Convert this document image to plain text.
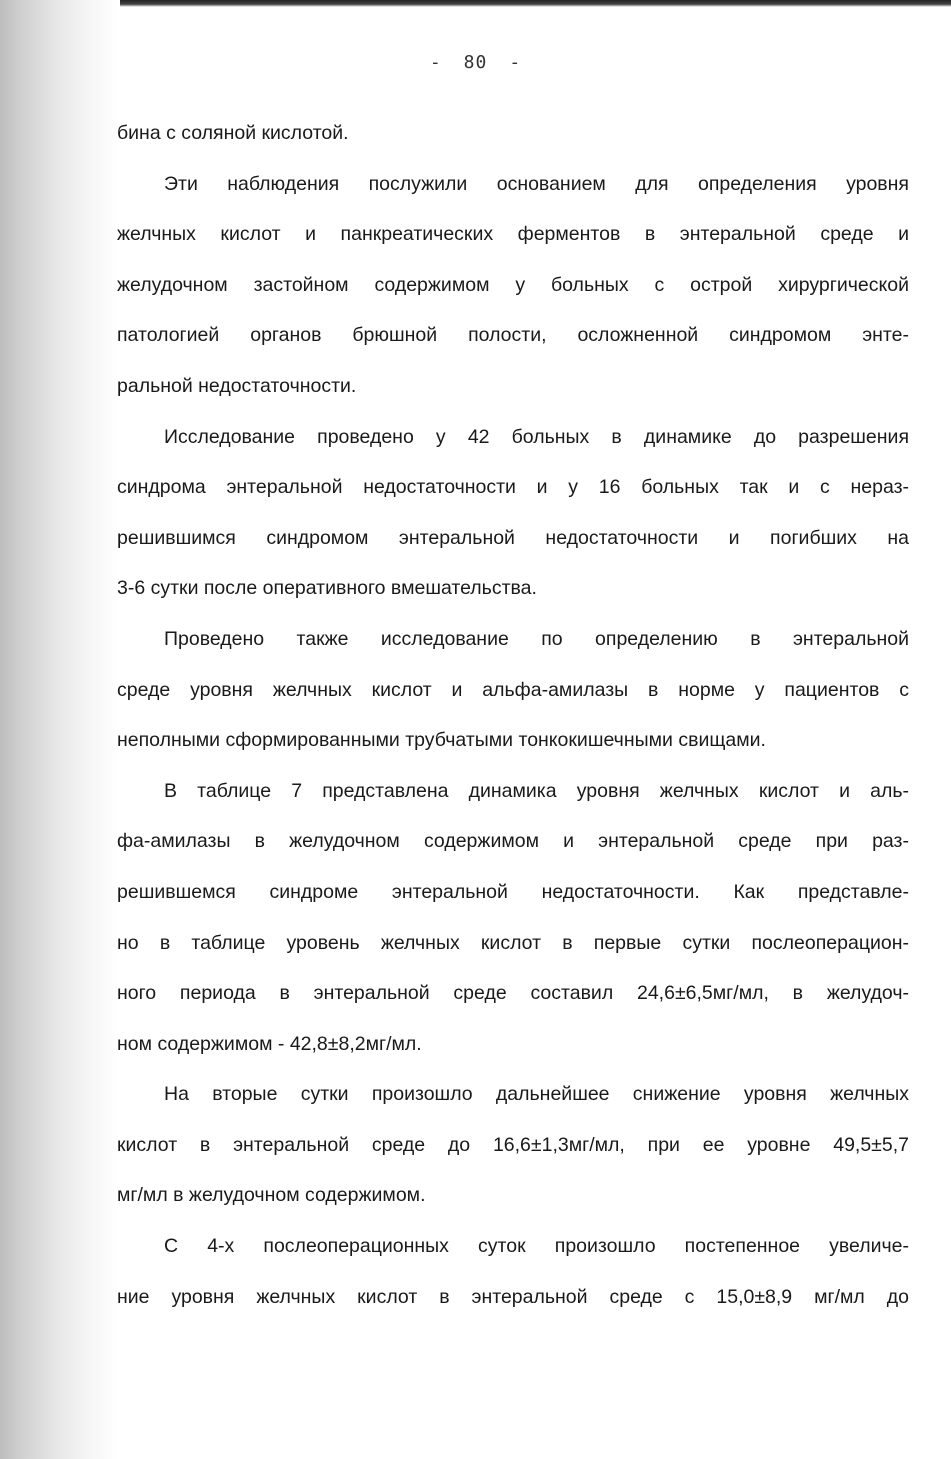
- 80 -
бина с соляной кислотой.
Эти наблюдения послужили основанием для определения уровня
желчных кислот и панкреатических ферментов в энтеральной среде и
желудочном застойном содержимом у больных с острой хирургической
патологией органов брюшной полости, осложненной синдромом энте-
ральной недостаточности.
Исследование проведено у 42 больных в динамике до разрешения
синдрома энтеральной недостаточности и у 16 больных так и с нераз-
решившимся синдромом энтеральной недостаточности и погибших на
3-6 сутки после оперативного вмешательства.
Проведено также исследование по определению в энтеральной
среде уровня желчных кислот и альфа-амилазы в норме у пациентов с
неполными сформированными трубчатыми тонкокишечными свищами.
В таблице 7 представлена динамика уровня желчных кислот и аль-
фа-амилазы в желудочном содержимом и энтеральной среде при раз-
решившемся синдроме энтеральной недостаточности. Как представле-
но в таблице уровень желчных кислот в первые сутки послеоперацион-
ного периода в энтеральной среде составил 24,6±6,5мг/мл, в желудоч-
ном содержимом - 42,8±8,2мг/мл.
На вторые сутки произошло дальнейшее снижение уровня желчных
кислот в энтеральной среде до 16,6±1,3мг/мл, при ее уровне 49,5±5,7
мг/мл в желудочном содержимом.
С 4-х послеоперационных суток произошло постепенное увеличе-
ние уровня желчных кислот в энтеральной среде с 15,0±8,9 мг/мл до
